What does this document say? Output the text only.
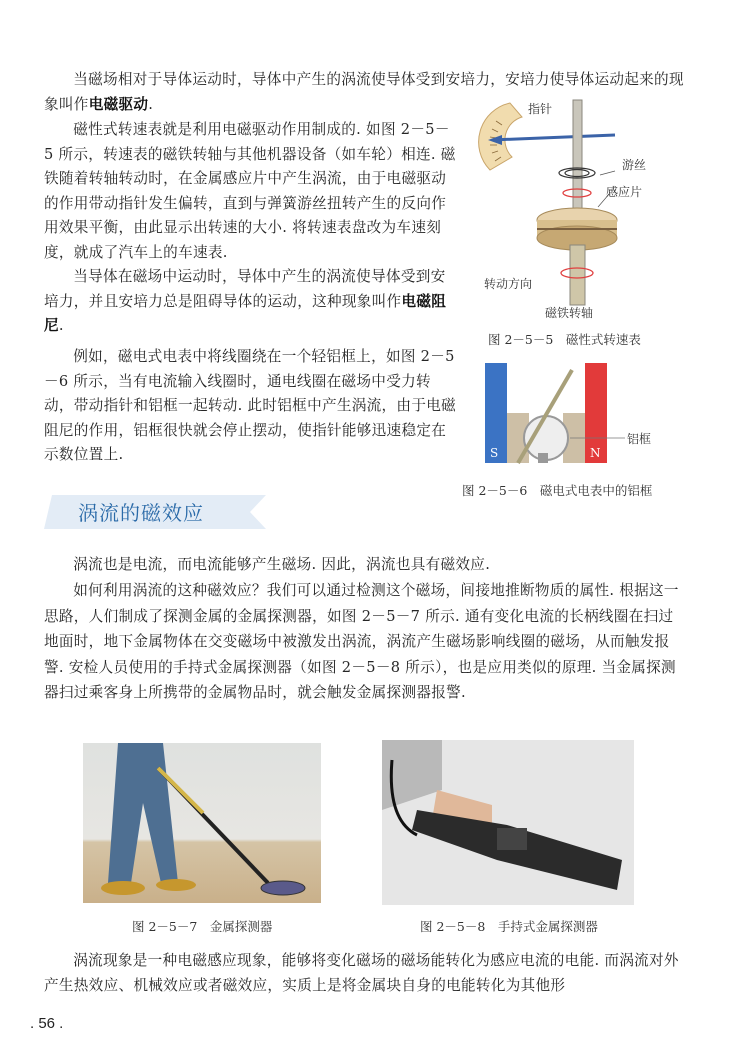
当磁场相对于导体运动时，导体中产生的涡流使导体受到安培力，安培力使导体运动起来的现象叫作电磁驱动.
磁性式转速表就是利用电磁驱动作用制成的. 如图 2－5－5 所示，转速表的磁铁转轴与其他机器设备（如车轮）相连. 磁铁随着转轴转动时，在金属感应片中产生涡流，由于电磁驱动的作用带动指针发生偏转，直到与弹簧游丝扭转产生的反向作用效果平衡，由此显示出转速的大小. 将转速表盘改为车速刻度，就成了汽车上的车速表.
当导体在磁场中运动时，导体中产生的涡流使导体受到安培力，并且安培力总是阻碍导体的运动，这种现象叫作电磁阻尼.
例如，磁电式电表中将线圈绕在一个轻铝框上，如图 2－5－6 所示，当有电流输入线圈时，通电线圈在磁场中受力转动，带动指针和铝框一起转动. 此时铝框中产生涡流，由于电磁阻尼的作用，铝框很快就会停止摆动，使指针能够迅速稳定在示数位置上.
指针
游丝
感应片
转动方向
磁铁转轴
图 2－5－5　磁性式转速表
S	N
铝框
图 2－5－6　磁电式电表中的铝框
涡流的磁效应
涡流也是电流，而电流能够产生磁场. 因此，涡流也具有磁效应.
如何利用涡流的这种磁效应？我们可以通过检测这个磁场，间接地推断物质的属性. 根据这一思路，人们制成了探测金属的金属探测器，如图 2－5－7 所示. 通有变化电流的长柄线圈在扫过地面时，地下金属物体在交变磁场中被激发出涡流，涡流产生磁场影响线圈的磁场，从而触发报警. 安检人员使用的手持式金属探测器（如图 2－5－8 所示），也是应用类似的原理. 当金属探测器扫过乘客身上所携带的金属物品时，就会触发金属探测器报警.
图 2－5－7　金属探测器	图 2－5－8　手持式金属探测器
涡流现象是一种电磁感应现象，能够将变化磁场的磁场能转化为感应电流的电能. 而涡流对外产生热效应、机械效应或者磁效应，实质上是将金属块自身的电能转化为其他形
. 56 .
